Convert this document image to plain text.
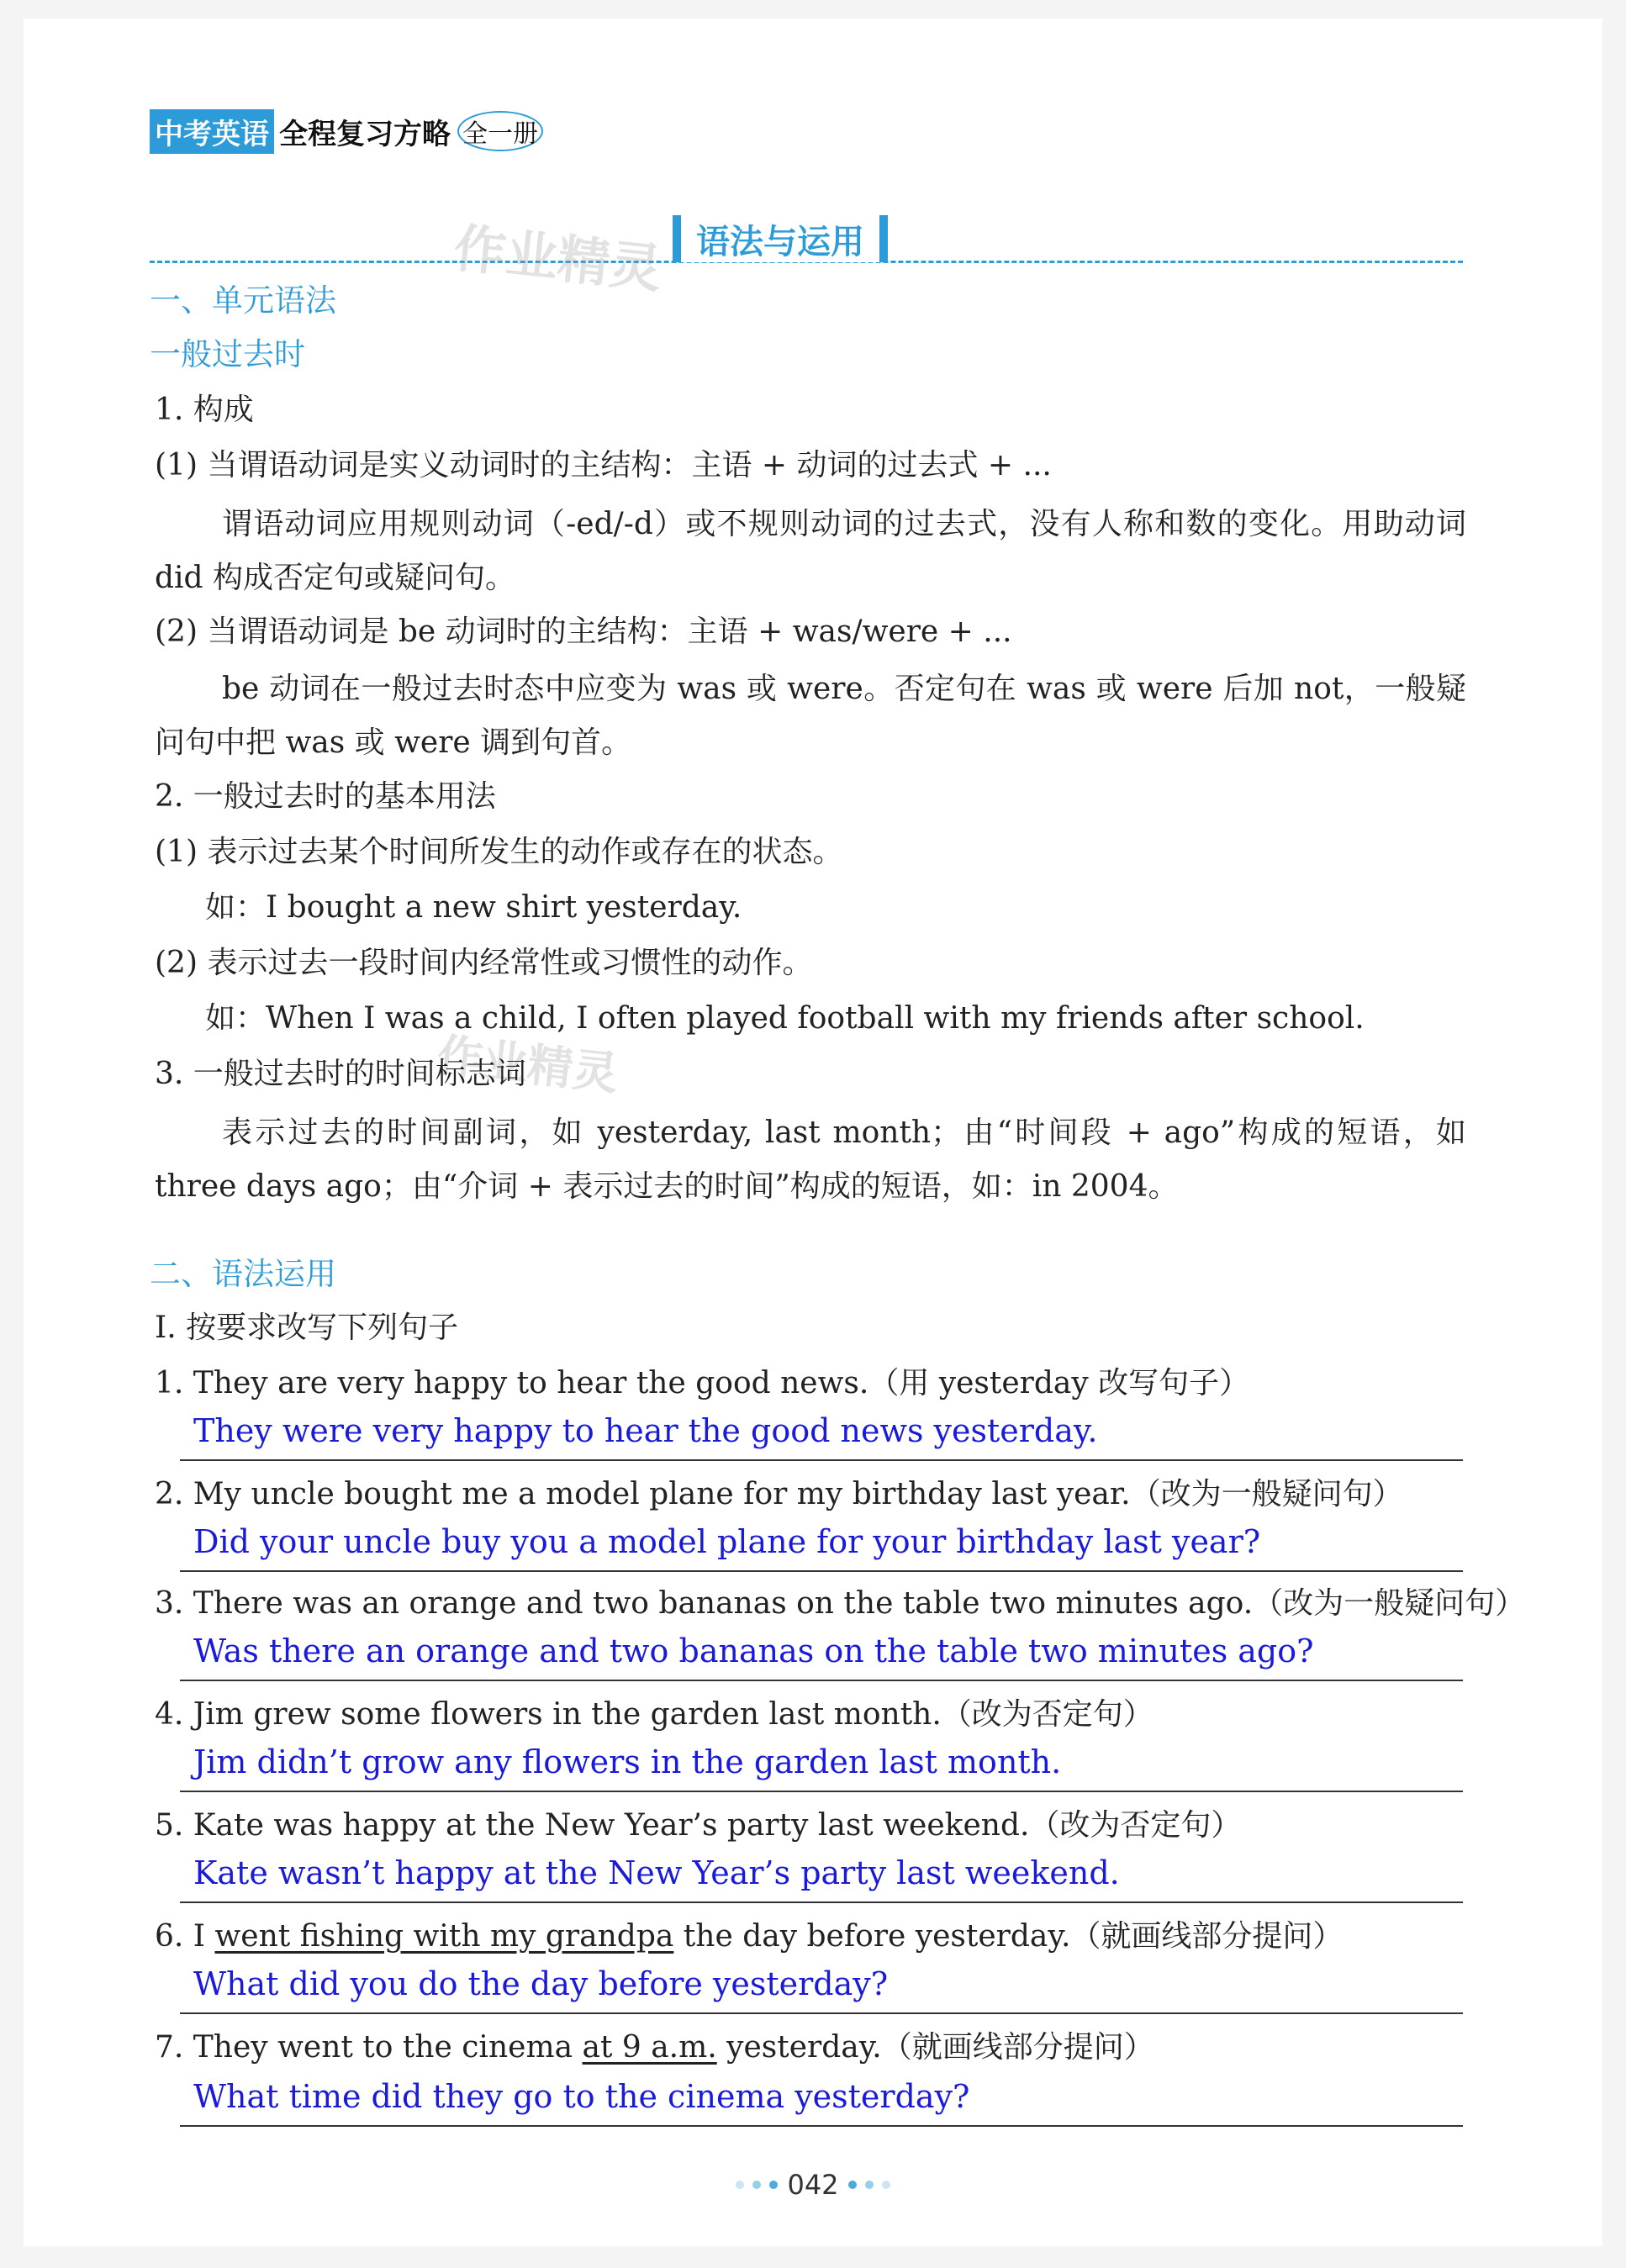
中考英语 全程复习方略 全一册
语法与运用
作业精灵
作业精灵
一、单元语法
一般过去时
1. 构成
(1) 当谓语动词是实义动词时的主结构：主语 + 动词的过去式 + ...
谓语动词应用规则动词（-ed/-d）或不规则动词的过去式，没有人称和数的变化。用助动词 did 构成否定句或疑问句。
(2) 当谓语动词是 be 动词时的主结构：主语 + was/were + ...
be 动词在一般过去时态中应变为 was 或 were。否定句在 was 或 were 后加 not，一般疑问句中把 was 或 were 调到句首。
2. 一般过去时的基本用法
(1) 表示过去某个时间所发生的动作或存在的状态。
如：I bought a new shirt yesterday.
(2) 表示过去一段时间内经常性或习惯性的动作。
如：When I was a child, I often played football with my friends after school.
3. 一般过去时的时间标志词
表示过去的时间副词，如 yesterday, last month；由“时间段 + ago”构成的短语，如 three days ago；由“介词 + 表示过去的时间”构成的短语，如：in 2004。
二、语法运用
I. 按要求改写下列句子
1. They are very happy to hear the good news.（用 yesterday 改写句子）
They were very happy to hear the good news yesterday.
2. My uncle bought me a model plane for my birthday last year.（改为一般疑问句）
Did your uncle buy you a model plane for your birthday last year?
3. There was an orange and two bananas on the table two minutes ago.（改为一般疑问句）
Was there an orange and two bananas on the table two minutes ago?
4. Jim grew some flowers in the garden last month.（改为否定句）
Jim didn’t grow any flowers in the garden last month.
5. Kate was happy at the New Year’s party last weekend.（改为否定句）
Kate wasn’t happy at the New Year’s party last weekend.
6. I went fishing with my grandpa the day before yesterday.（就画线部分提问）
What did you do the day before yesterday?
7. They went to the cinema at 9 a.m. yesterday.（就画线部分提问）
What time did they go to the cinema yesterday?
042
